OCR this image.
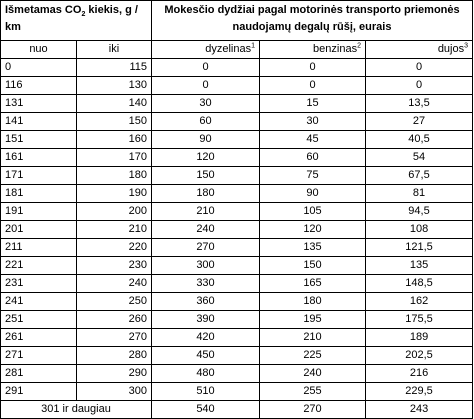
Išmetamas $CO_2$ kiekis, g /
km		Mokesčio dydžiai pagal motorinės transporto priemonės
naudojamų degalų rūšį, eurais		

nuo	iki	dyzelinas$^1$	benzinas$^2$	dujos$^3$
0	115	0	0	0
116	130	0	0	0
131	140	30	15	13,5
141	150	60	30	27
151	160	90	45	40,5
161	170	120	60	54
171	180	150	75	67,5
181	190	180	90	81
191	200	210	105	94,5
201	210	240	120	108
211	220	270	135	121,5
221	230	300	150	135
231	240	330	165	148,5
241	250	360	180	162
251	260	390	195	175,5
261	270	420	210	189
271	280	450	225	202,5
281	290	480	240	216
291	300	510	255	229,5
301 ir daugiau		540	270	243
